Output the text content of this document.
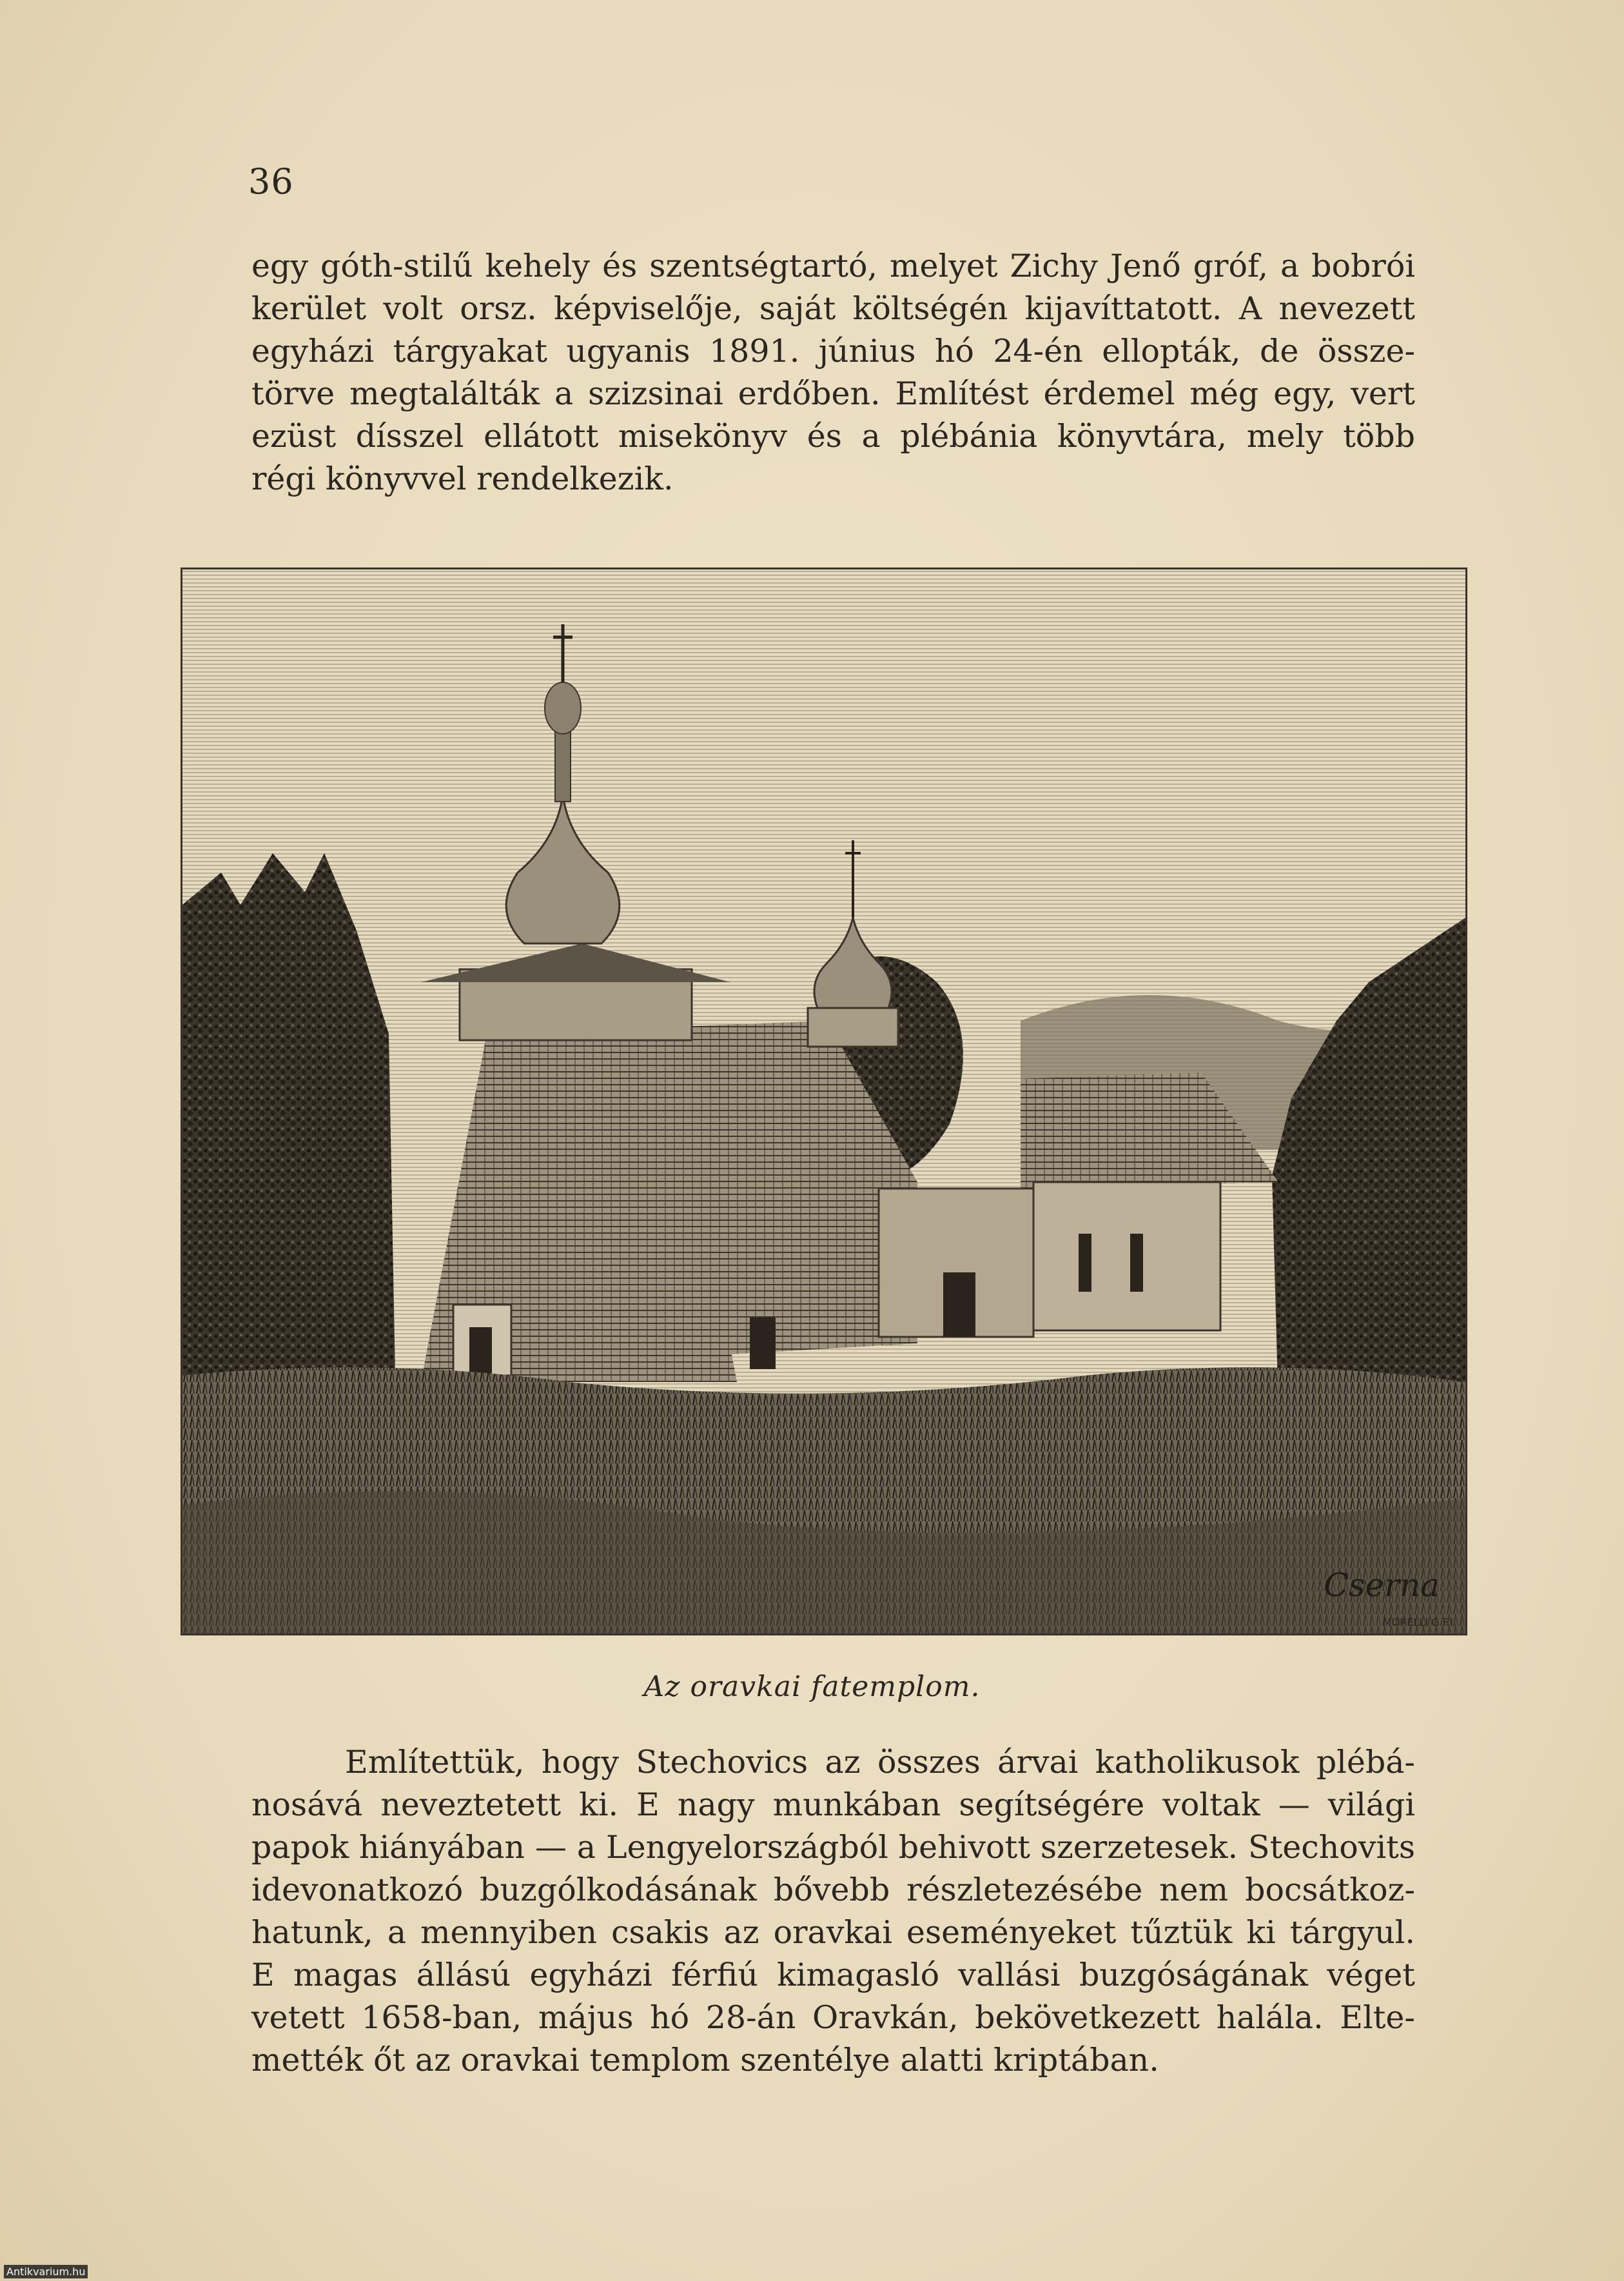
36

egy góth-stilű kehely és szentségtartó, melyet Zichy Jenő gróf, a bobrói
kerület volt orsz. képviselője, saját költségén kijavíttatott. A nevezett
egyházi tárgyakat ugyanis 1891. június hó 24-én ellopták, de össze-
törve megtalálták a szizsinai erdőben. Említést érdemel még egy, vert
ezüst dísszel ellátott misekönyv és a plébánia könyvtára, mely több
régi könyvvel rendelkezik.

Cserna
MORELLI G.F.I.
Az oravkai fatemplom.

Említettük, hogy Stechovics az összes árvai katholikusok plébá-
nosává neveztetett ki. E nagy munkában segítségére voltak — világi
papok hiányában — a Lengyelországból behivott szerzetesek. Stechovits
idevonatkozó buzgólkodásának bővebb részletezésébe nem bocsátkoz-
hatunk, a mennyiben csakis az oravkai eseményeket tűztük ki tárgyul.
E magas állású egyházi férfiú kimagasló vallási buzgóságának véget
vetett 1658-ban, május hó 28-án Oravkán, bekövetkezett halála. Elte-
mették őt az oravkai templom szentélye alatti kriptában.

Antikvarium.hu
